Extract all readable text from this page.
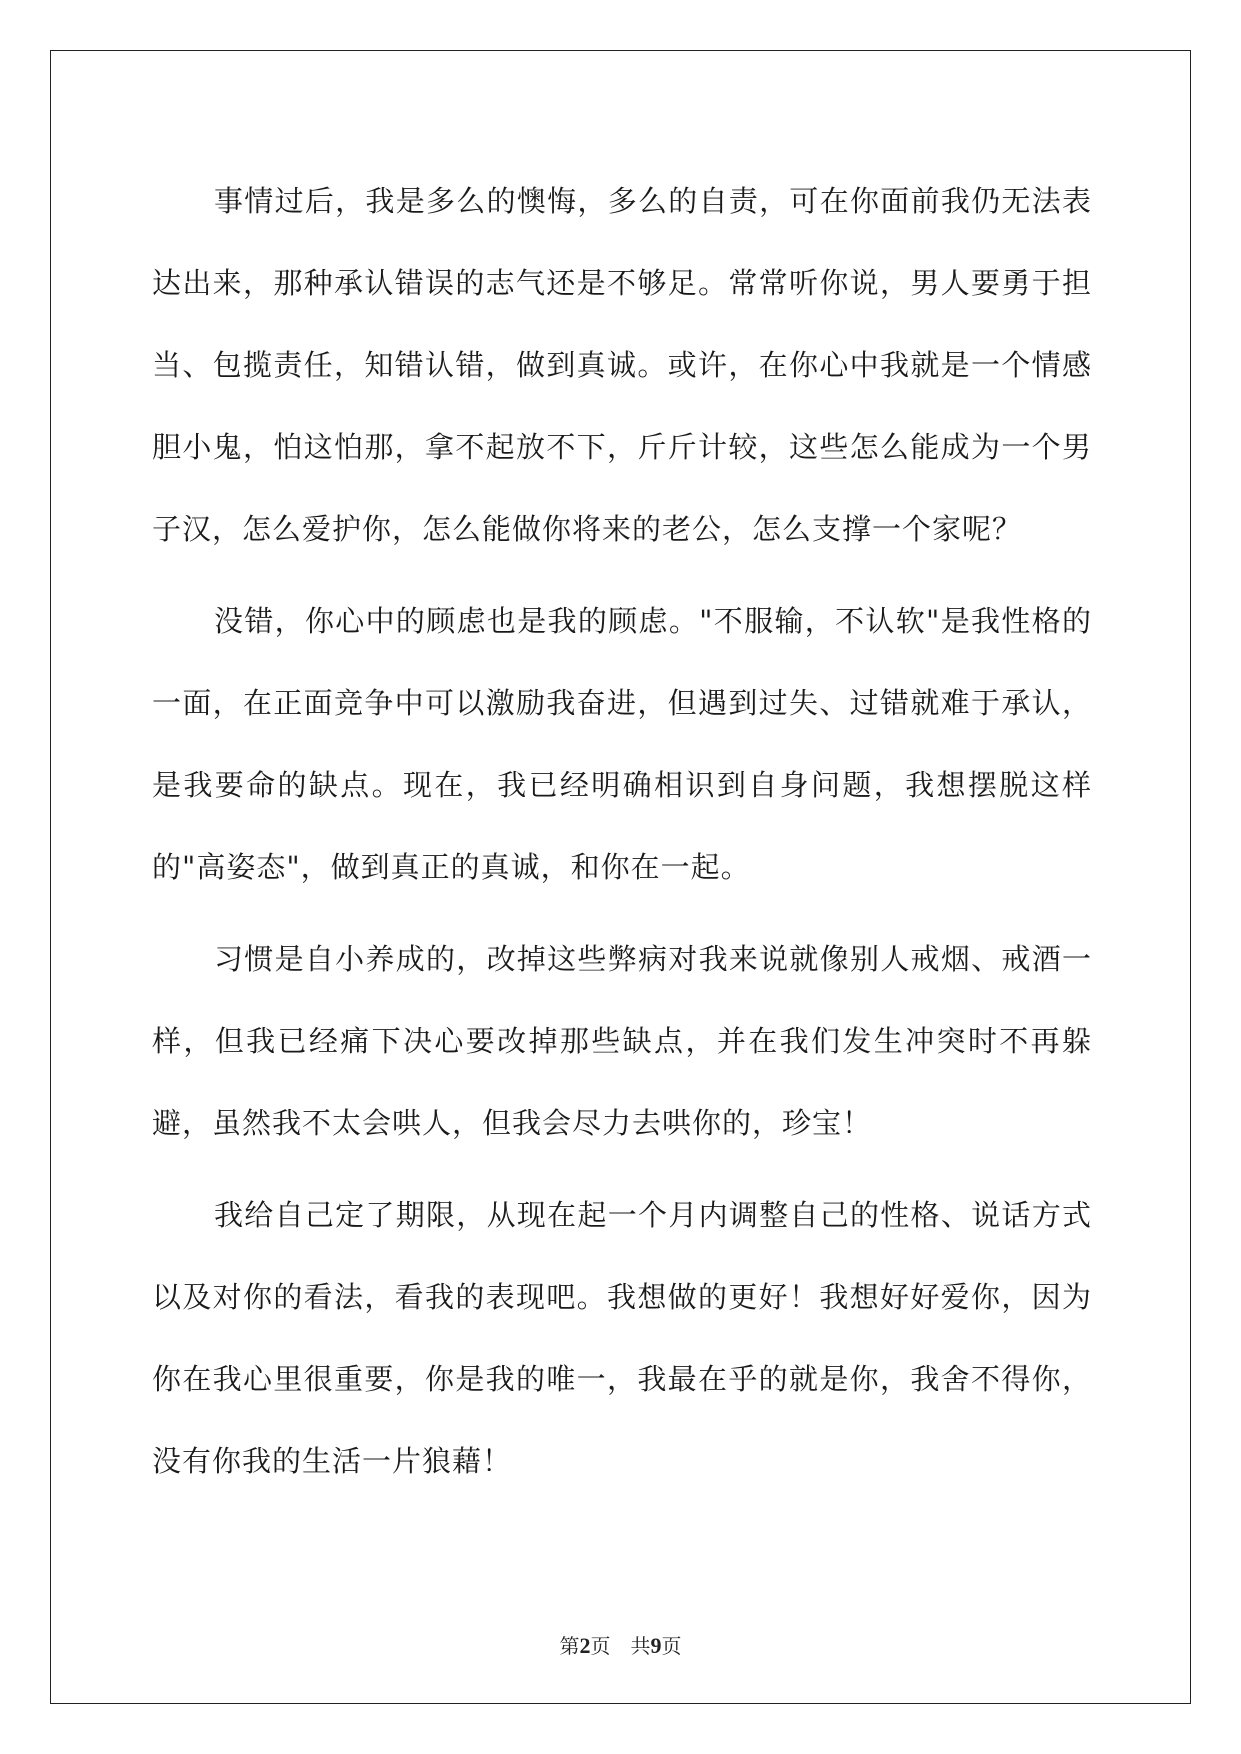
事情过后，我是多么的懊悔，多么的自责，可在你面前我仍无法表达出来，那种承认错误的志气还是不够足。常常听你说，男人要勇于担当、包揽责任，知错认错，做到真诚。或许，在你心中我就是一个情感胆小鬼，怕这怕那，拿不起放不下，斤斤计较，这些怎么能成为一个男子汉，怎么爱护你，怎么能做你将来的老公，怎么支撑一个家呢？

没错，你心中的顾虑也是我的顾虑。"不服输，不认软"是我性格的一面，在正面竞争中可以激励我奋进，但遇到过失、过错就难于承认，是我要命的缺点。现在，我已经明确相识到自身问题，我想摆脱这样的"高姿态"，做到真正的真诚，和你在一起。

习惯是自小养成的，改掉这些弊病对我来说就像别人戒烟、戒酒一样，但我已经痛下决心要改掉那些缺点，并在我们发生冲突时不再躲避，虽然我不太会哄人，但我会尽力去哄你的，珍宝！

我给自己定了期限，从现在起一个月内调整自己的性格、说话方式以及对你的看法，看我的表现吧。我想做的更好！我想好好爱你，因为你在我心里很重要，你是我的唯一，我最在乎的就是你，我舍不得你，没有你我的生活一片狼藉！

第2页 共9页
